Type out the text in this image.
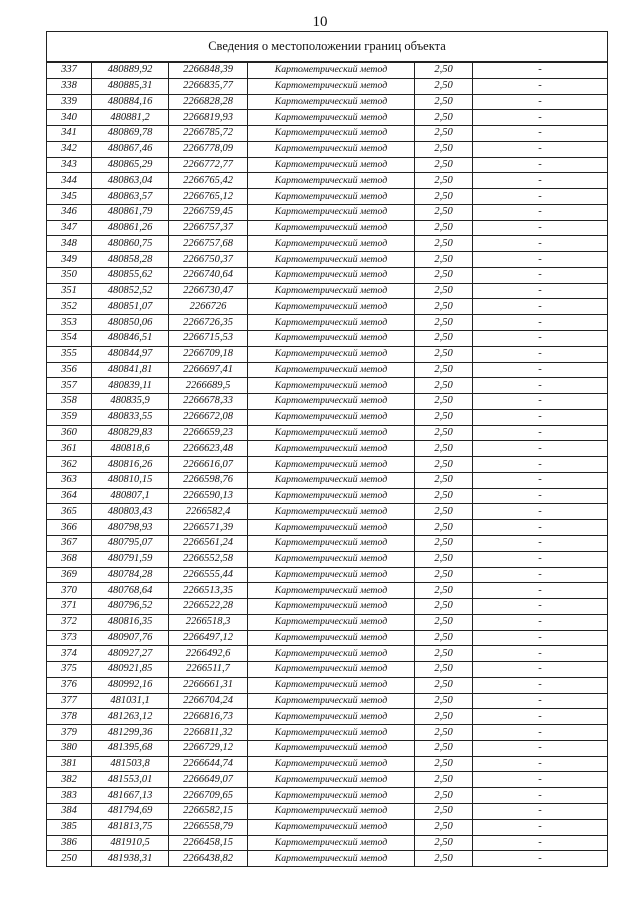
10
Сведения о местоположении границ объекта
337	480889,92	2266848,39	Картометрический метод	2,50	-
338	480885,31	2266835,77	Картометрический метод	2,50	-
339	480884,16	2266828,28	Картометрический метод	2,50	-
340	480881,2	2266819,93	Картометрический метод	2,50	-
341	480869,78	2266785,72	Картометрический метод	2,50	-
342	480867,46	2266778,09	Картометрический метод	2,50	-
343	480865,29	2266772,77	Картометрический метод	2,50	-
344	480863,04	2266765,42	Картометрический метод	2,50	-
345	480863,57	2266765,12	Картометрический метод	2,50	-
346	480861,79	2266759,45	Картометрический метод	2,50	-
347	480861,26	2266757,37	Картометрический метод	2,50	-
348	480860,75	2266757,68	Картометрический метод	2,50	-
349	480858,28	2266750,37	Картометрический метод	2,50	-
350	480855,62	2266740,64	Картометрический метод	2,50	-
351	480852,52	2266730,47	Картометрический метод	2,50	-
352	480851,07	2266726	Картометрический метод	2,50	-
353	480850,06	2266726,35	Картометрический метод	2,50	-
354	480846,51	2266715,53	Картометрический метод	2,50	-
355	480844,97	2266709,18	Картометрический метод	2,50	-
356	480841,81	2266697,41	Картометрический метод	2,50	-
357	480839,11	2266689,5	Картометрический метод	2,50	-
358	480835,9	2266678,33	Картометрический метод	2,50	-
359	480833,55	2266672,08	Картометрический метод	2,50	-
360	480829,83	2266659,23	Картометрический метод	2,50	-
361	480818,6	2266623,48	Картометрический метод	2,50	-
362	480816,26	2266616,07	Картометрический метод	2,50	-
363	480810,15	2266598,76	Картометрический метод	2,50	-
364	480807,1	2266590,13	Картометрический метод	2,50	-
365	480803,43	2266582,4	Картометрический метод	2,50	-
366	480798,93	2266571,39	Картометрический метод	2,50	-
367	480795,07	2266561,24	Картометрический метод	2,50	-
368	480791,59	2266552,58	Картометрический метод	2,50	-
369	480784,28	2266555,44	Картометрический метод	2,50	-
370	480768,64	2266513,35	Картометрический метод	2,50	-
371	480796,52	2266522,28	Картометрический метод	2,50	-
372	480816,35	2266518,3	Картометрический метод	2,50	-
373	480907,76	2266497,12	Картометрический метод	2,50	-
374	480927,27	2266492,6	Картометрический метод	2,50	-
375	480921,85	2266511,7	Картометрический метод	2,50	-
376	480992,16	2266661,31	Картометрический метод	2,50	-
377	481031,1	2266704,24	Картометрический метод	2,50	-
378	481263,12	2266816,73	Картометрический метод	2,50	-
379	481299,36	2266811,32	Картометрический метод	2,50	-
380	481395,68	2266729,12	Картометрический метод	2,50	-
381	481503,8	2266644,74	Картометрический метод	2,50	-
382	481553,01	2266649,07	Картометрический метод	2,50	-
383	481667,13	2266709,65	Картометрический метод	2,50	-
384	481794,69	2266582,15	Картометрический метод	2,50	-
385	481813,75	2266558,79	Картометрический метод	2,50	-
386	481910,5	2266458,15	Картометрический метод	2,50	-
250	481938,31	2266438,82	Картометрический метод	2,50	-
